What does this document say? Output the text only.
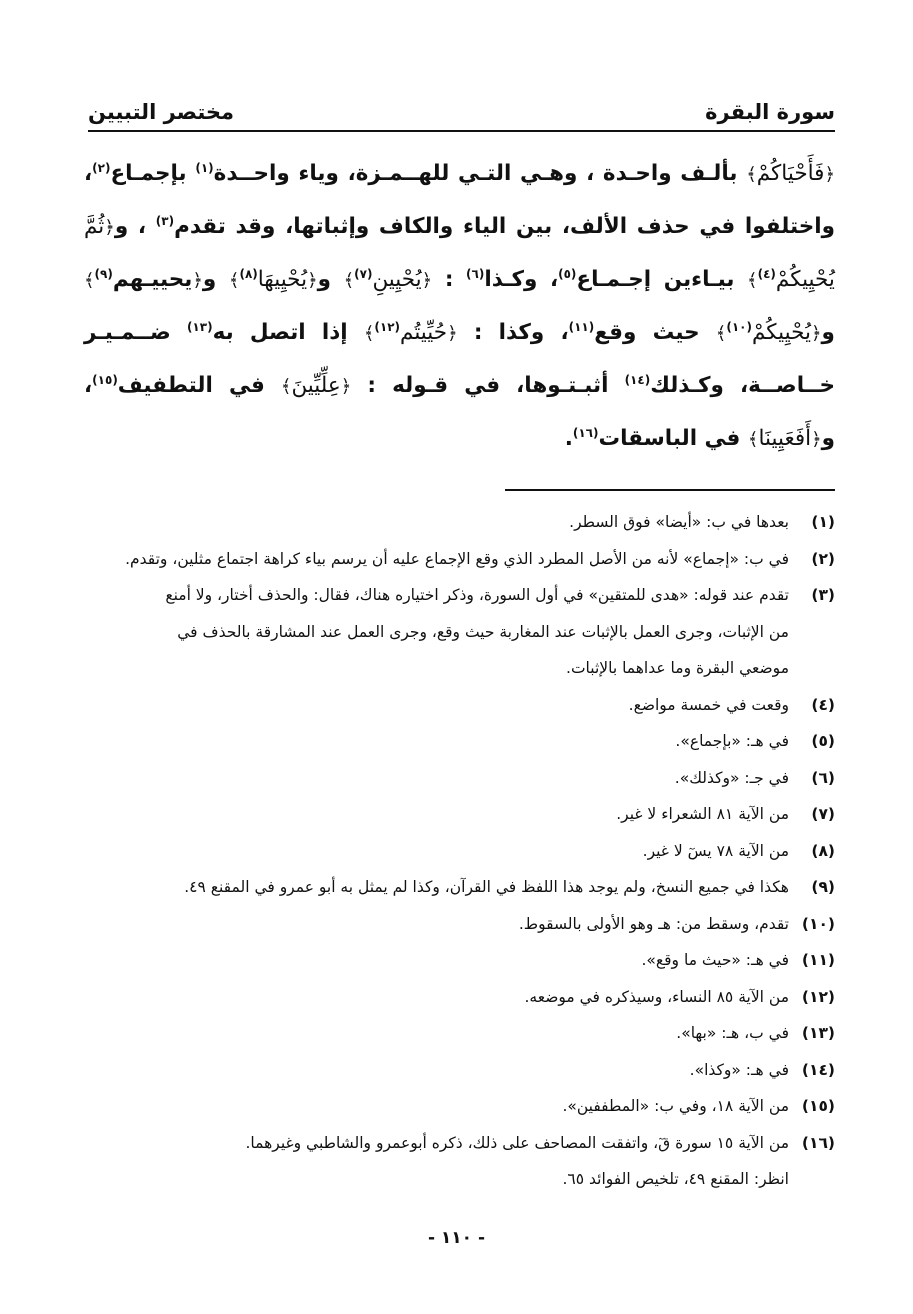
سورة البقرة
مختصر التبيين
﴿فَأَحْيَاكُمْ﴾ بألـف واحـدة ، وهـي التـي للهــمـزة، وياء واحــدة$^{(١)}$ بإجمـاع$^{(٢)}$، واختلفوا في حذف الألف، بين الياء والكاف وإثباتها، وقد تقدم$^{(٣)}$ ، و﴿ثُمَّ يُحْيِيكُمْ$^{(٤)}$﴾ بيـاءين إجـمـاع$^{(٥)}$، وكـذا$^{(٦)}$ : ﴿يُحْيِينِ$^{(٧)}$﴾ و﴿يُحْيِيهَا$^{(٨)}$﴾ و﴿يحييـهم$^{(٩)}$﴾ و﴿يُحْيِيكُمْ$^{(١٠)}$﴾ حيث وقع$^{(١١)}$، وكذا : ﴿حُيِّيتُم$^{(١٢)}$﴾ إذا اتصل به$^{(١٣)}$ ضــمـيـر خــاصــة، وكـذلك$^{(١٤)}$ أثبـتـوها، في قـوله : ﴿عِلِّيِّينَ﴾ في التطفيف$^{(١٥)}$، و﴿أَفَعَيِينَا﴾ في الباسقات$^{(١٦)}$.
(١)
بعدها في ب: «أيضا» فوق السطر.
(٢)
في ب: «إجماع» لأنه من الأصل المطرد الذي وقع الإجماع عليه أن يرسم بياء كراهة اجتماع مثلين، وتقدم.
(٣)
تقدم عند قوله: «هدى للمتقين» في أول السورة، وذكر اختياره هناك، فقال: والحذف أختار، ولا أمنع
من الإثبات، وجرى العمل بالإثبات عند المغاربة حيث وقع، وجرى العمل عند المشارقة بالحذف في
موضعي البقرة وما عداهما بالإثبات.
(٤)
وقعت في خمسة مواضع.
(٥)
في هـ: «بإجماع».
(٦)
في جـ: «وكذلك».
(٧)
من الآية ٨١ الشعراء لا غير.
(٨)
من الآية ٧٨ يسٓ لا غير.
(٩)
هكذا في جميع النسخ، ولم يوجد هذا اللفظ في القرآن، وكذا لم يمثل به أبو عمرو في المقنع ٤٩.
(١٠)
تقدم، وسقط من: هـ وهو الأولى بالسقوط.
(١١)
في هـ: «حيث ما وقع».
(١٢)
من الآية ٨٥ النساء، وسيذكره في موضعه.
(١٣)
في ب، هـ: «بها».
(١٤)
في هـ: «وكذا».
(١٥)
من الآية ١٨، وفي ب: «المطففين».
(١٦)
من الآية ١٥ سورة قٓ، واتفقت المصاحف على ذلك، ذكره أبوعمرو والشاطبي وغيرهما.
انظر: المقنع ٤٩، تلخيص الفوائد ٦٥.
- ١١٠ -
